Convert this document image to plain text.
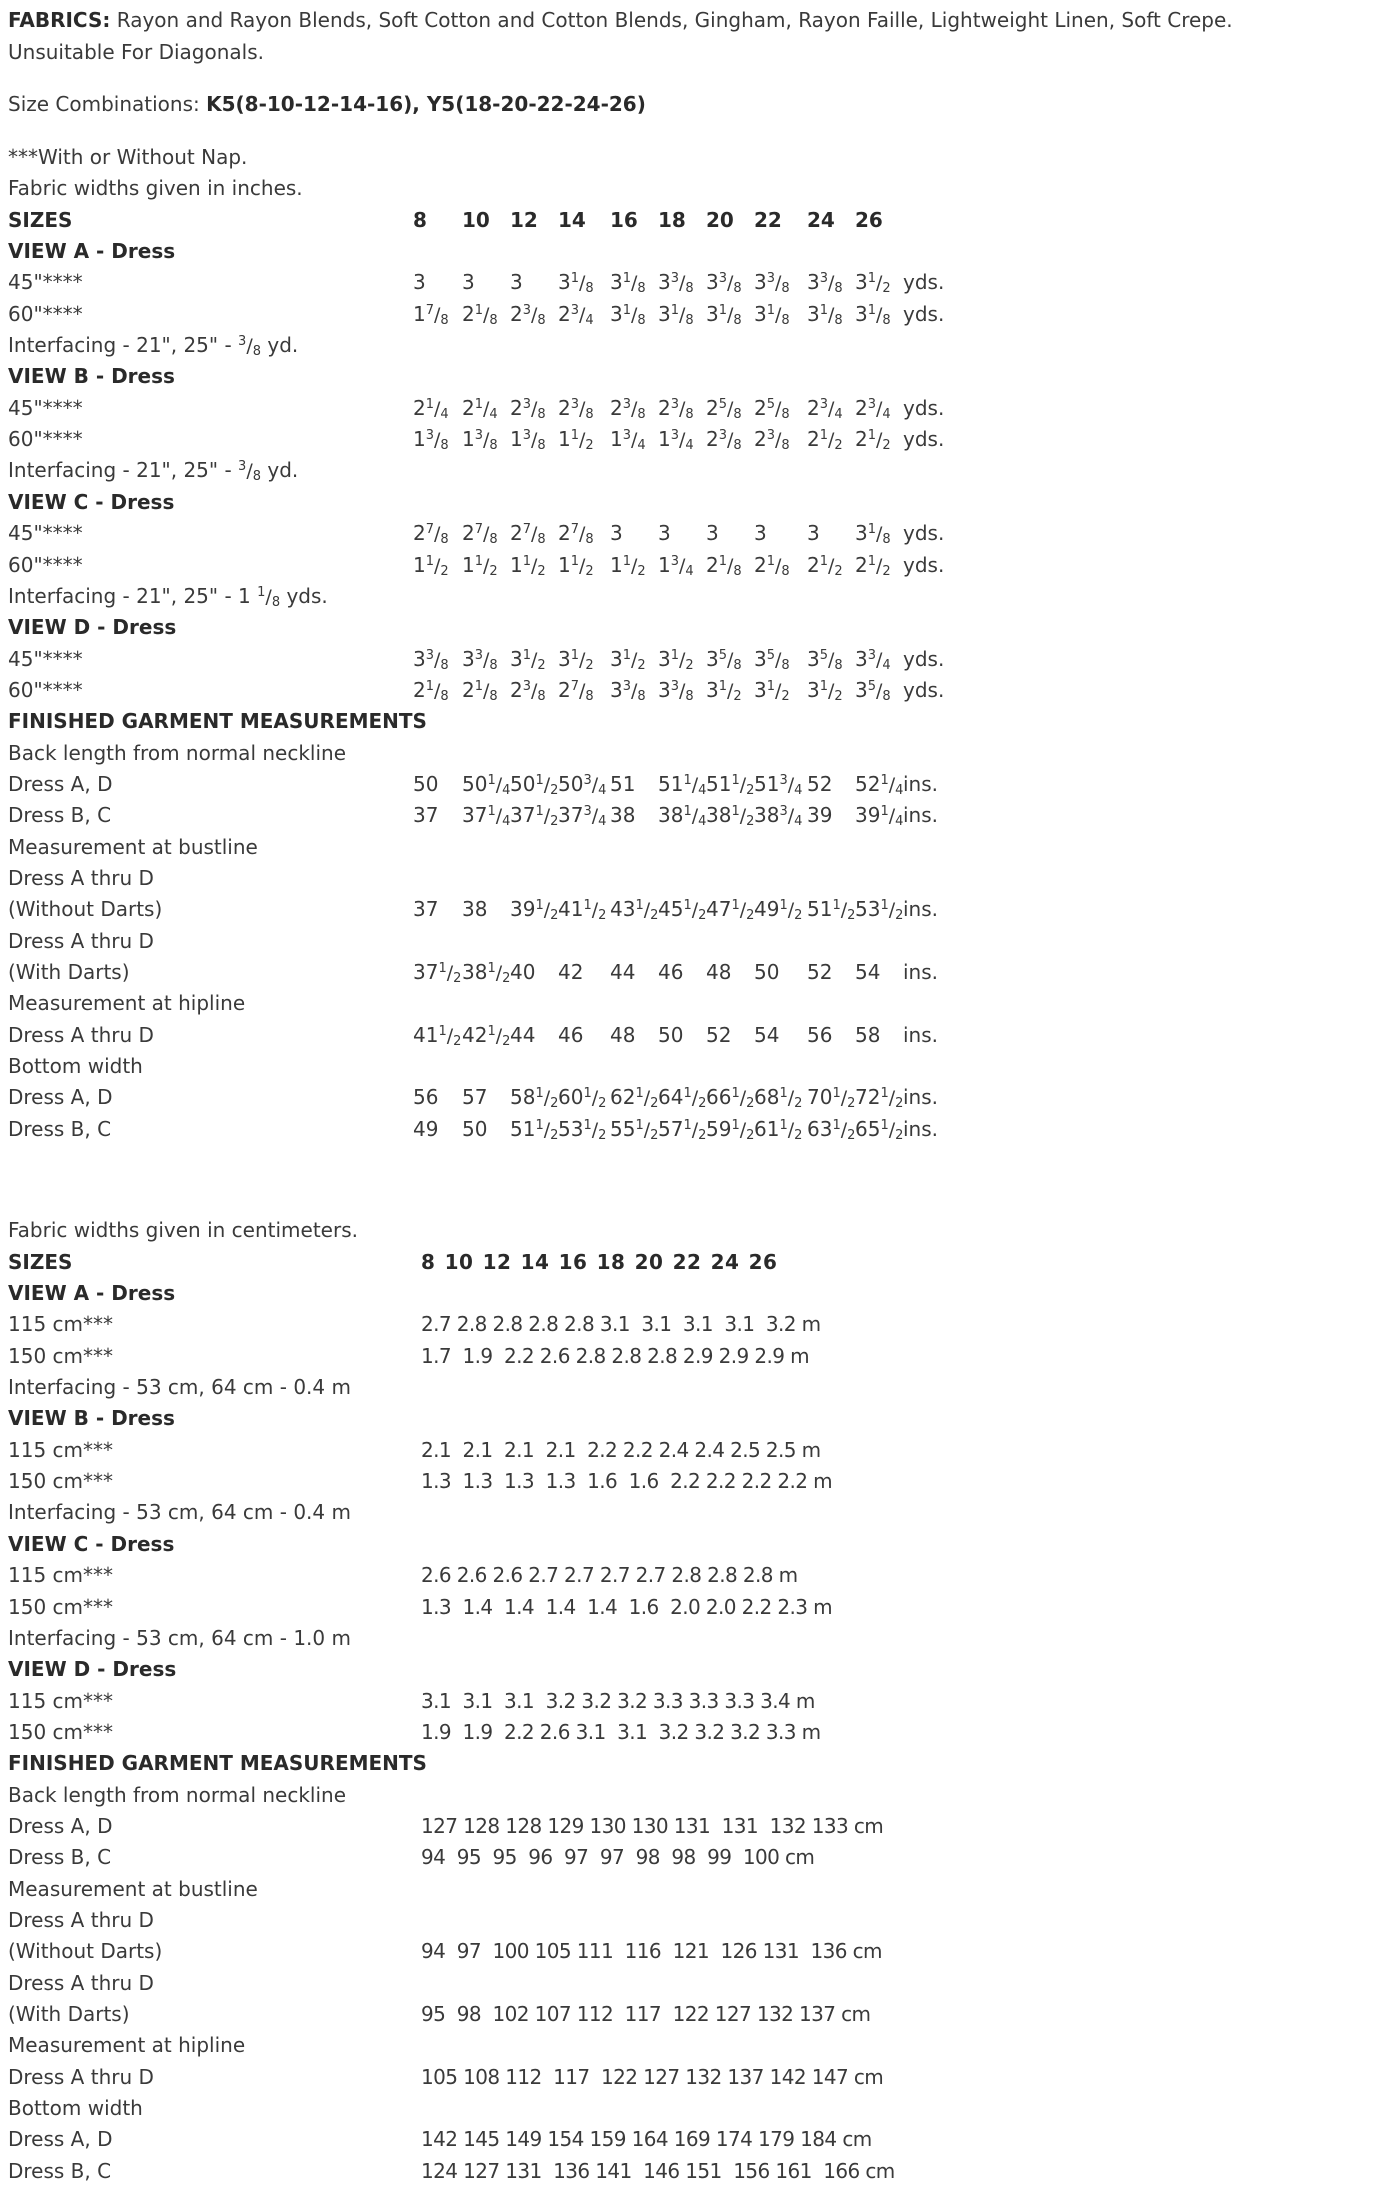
FABRICS: Rayon and Rayon Blends, Soft Cotton and Cotton Blends, Gingham, Rayon Faille, Lightweight Linen, Soft Crepe.
Unsuitable For Diagonals.
Size Combinations: K5(8-10-12-14-16), Y5(18-20-22-24-26)
***With or Without Nap.
Fabric widths given in inches.
SIZES	8 10 12 14 16 18 20 22 24 26
VIEW A - Dress
45"****	3 3 3 $3^1/_8$ $3^1/_8$ $3^3/_8$ $3^3/_8$ $3^3/_8$ $3^3/_8$ $3^1/_2$ yds.
60"****	$1^7/_8$ $2^1/_8$ $2^3/_8$ $2^3/_4$ $3^1/_8$ $3^1/_8$ $3^1/_8$ $3^1/_8$ $3^1/_8$ $3^1/_8$ yds.
Interfacing - 21", 25" - $^3/_8$ yd.
VIEW B - Dress
45"****	$2^1/_4$ $2^1/_4$ $2^3/_8$ $2^3/_8$ $2^3/_8$ $2^3/_8$ $2^5/_8$ $2^5/_8$ $2^3/_4$ $2^3/_4$ yds.
60"****	$1^3/_8$ $1^3/_8$ $1^3/_8$ $1^1/_2$ $1^3/_4$ $1^3/_4$ $2^3/_8$ $2^3/_8$ $2^1/_2$ $2^1/_2$ yds.
Interfacing - 21", 25" - $^3/_8$ yd.
VIEW C - Dress
45"****	$2^7/_8$ $2^7/_8$ $2^7/_8$ $2^7/_8$ 3 3 3 3 3 $3^1/_8$ yds.
60"****	$1^1/_2$ $1^1/_2$ $1^1/_2$ $1^1/_2$ $1^1/_2$ $1^3/_4$ $2^1/_8$ $2^1/_8$ $2^1/_2$ $2^1/_2$ yds.
Interfacing - 21", 25" - 1 $^1/_8$ yds.
VIEW D - Dress
45"****	$3^3/_8$ $3^3/_8$ $3^1/_2$ $3^1/_2$ $3^1/_2$ $3^1/_2$ $3^5/_8$ $3^5/_8$ $3^5/_8$ $3^3/_4$ yds.
60"****	$2^1/_8$ $2^1/_8$ $2^3/_8$ $2^7/_8$ $3^3/_8$ $3^3/_8$ $3^1/_2$ $3^1/_2$ $3^1/_2$ $3^5/_8$ yds.
FINISHED GARMENT MEASUREMENTS
Back length from normal neckline
Dress A, D	50 $50^1/_4$ $50^1/_2$ $50^3/_4$ 51 $51^1/_4$ $51^1/_2$ $51^3/_4$ 52 $52^1/_4$ ins.
Dress B, C	37 $37^1/_4$ $37^1/_2$ $37^3/_4$ 38 $38^1/_4$ $38^1/_2$ $38^3/_4$ 39 $39^1/_4$ ins.
Measurement at bustline
Dress A thru D
(Without Darts)	37 38 $39^1/_2$ $41^1/_2$ $43^1/_2$ $45^1/_2$ $47^1/_2$ $49^1/_2$ $51^1/_2$ $53^1/_2$ ins.
Dress A thru D
(With Darts)	$37^1/_2$ $38^1/_2$ 40 42 44 46 48 50 52 54 ins.
Measurement at hipline
Dress A thru D	$41^1/_2$ $42^1/_2$ 44 46 48 50 52 54 56 58 ins.
Bottom width
Dress A, D	56 57 $58^1/_2$ $60^1/_2$ $62^1/_2$ $64^1/_2$ $66^1/_2$ $68^1/_2$ $70^1/_2$ $72^1/_2$ ins.
Dress B, C	49 50 $51^1/_2$ $53^1/_2$ $55^1/_2$ $57^1/_2$ $59^1/_2$ $61^1/_2$ $63^1/_2$ $65^1/_2$ ins.
Fabric widths given in centimeters.
SIZES	8 10 12 14 16 18 20 22 24 26
VIEW A - Dress
115 cm***	2.7 2.8 2.8 2.8 2.8 3.1  3.1  3.1  3.1  3.2 m
150 cm***	1.7  1.9  2.2 2.6 2.8 2.8 2.8 2.9 2.9 2.9 m
Interfacing - 53 cm, 64 cm - 0.4 m
VIEW B - Dress
115 cm***	2.1  2.1  2.1  2.1  2.2 2.2 2.4 2.4 2.5 2.5 m
150 cm***	1.3  1.3  1.3  1.3  1.6  1.6  2.2 2.2 2.2 2.2 m
Interfacing - 53 cm, 64 cm - 0.4 m
VIEW C - Dress
115 cm***	2.6 2.6 2.6 2.7 2.7 2.7 2.7 2.8 2.8 2.8 m
150 cm***	1.3  1.4  1.4  1.4  1.4  1.6  2.0 2.0 2.2 2.3 m
Interfacing - 53 cm, 64 cm - 1.0 m
VIEW D - Dress
115 cm***	3.1  3.1  3.1  3.2 3.2 3.2 3.3 3.3 3.3 3.4 m
150 cm***	1.9  1.9  2.2 2.6 3.1  3.1  3.2 3.2 3.2 3.3 m
FINISHED GARMENT MEASUREMENTS
Back length from normal neckline
Dress A, D	127 128 128 129 130 130 131  131  132 133 cm
Dress B, C	94  95  95  96  97  97  98  98  99  100 cm
Measurement at bustline
Dress A thru D
(Without Darts)	94  97  100 105 111  116  121  126 131  136 cm
Dress A thru D
(With Darts)	95  98  102 107 112  117  122 127 132 137 cm
Measurement at hipline
Dress A thru D	105 108 112  117  122 127 132 137 142 147 cm
Bottom width
Dress A, D	142 145 149 154 159 164 169 174 179 184 cm
Dress B, C	124 127 131  136 141  146 151  156 161  166 cm
